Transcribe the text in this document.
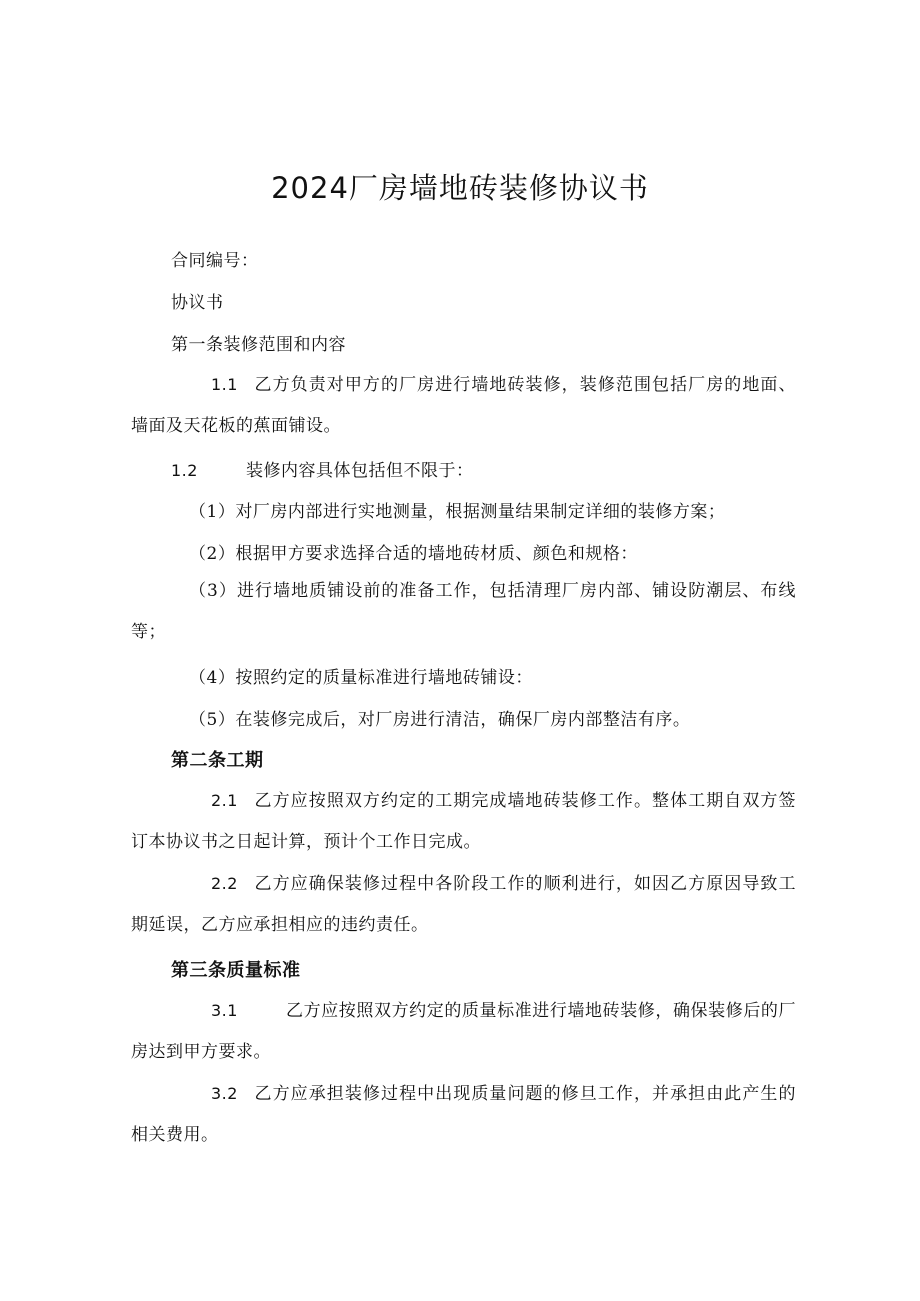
2024厂房墙地砖装修协议书
合同编号：
协议书
第一条装修范围和内容
1.1 乙方负责对甲方的厂房进行墙地砖装修，装修范围包括厂房的地面、墙面及天花板的蕉面铺设。
1.2	装修内容具体包括但不限于：
（1）对厂房内部进行实地测量，根据测量结果制定详细的装修方案；
（2）根据甲方要求选择合适的墙地砖材质、颜色和规格：
（3）进行墙地质铺设前的准备工作，包括清理厂房内部、铺设防潮层、布线等；
（4）按照约定的质量标准进行墙地砖铺设：
（5）在装修完成后，对厂房进行清洁，确保厂房内部整洁有序。
第二条工期
2.1 乙方应按照双方约定的工期完成墙地砖装修工作。整体工期自双方签订本协议书之日起计算，预计个工作日完成。
2.2 乙方应确保装修过程中各阶段工作的顺利进行，如因乙方原因导致工期延误，乙方应承担相应的违约责任。
第三条质量标准
3.1	乙方应按照双方约定的质量标准进行墙地砖装修，确保装修后的厂房达到甲方要求。
3.2 乙方应承担装修过程中出现质量问题的修旦工作，并承担由此产生的相关费用。
